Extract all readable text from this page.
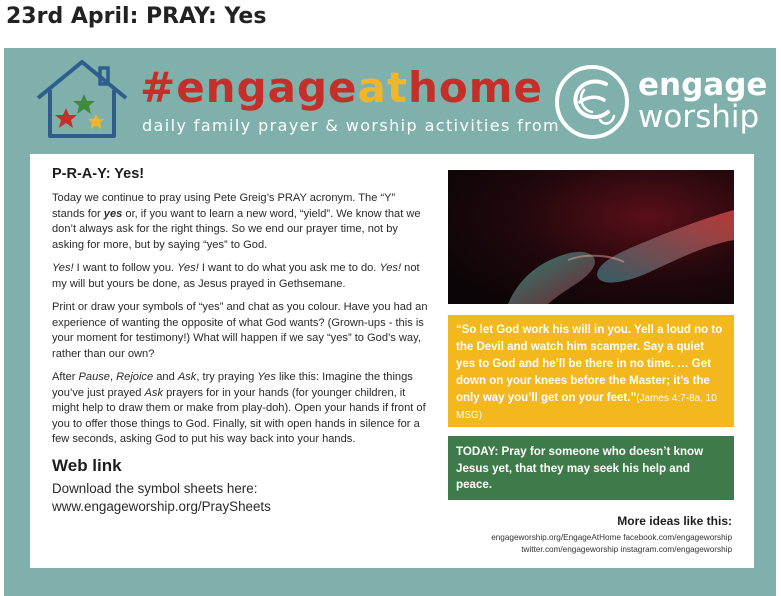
23rd April: PRAY: Yes
#engageathome
daily family prayer & worship activities from
engage
worship
P-R-A-Y: Yes!

Today we continue to pray using Pete Greig’s PRAY acronym. The “Y” stands for yes or, if you want to learn a new word, “yield”. We know that we don’t always ask for the right things. So we end our prayer time, not by asking for more, but by saying “yes” to God.

Yes! I want to follow you. Yes! I want to do what you ask me to do. Yes! not my will but yours be done, as Jesus prayed in Gethsemane.

Print or draw your symbols of “yes” and chat as you colour. Have you had an experience of wanting the opposite of what God wants? (Grown-ups - this is your moment for testimony!) What will happen if we say “yes” to God’s way, rather than our own?

After Pause, Rejoice and Ask, try praying Yes like this: Imagine the things you’ve just prayed Ask prayers for in your hands (for younger children, it might help to draw them or make from play-doh). Open your hands if front of you to offer those things to God. Finally, sit with open hands in silence for a few seconds, asking God to put his way back into your hands.

Web link
Download the symbol sheets here:
www.engageworship.org/PraySheets
“So let God work his will in you. Yell a loud no to the Devil and watch him scamper. Say a quiet yes to God and he’ll be there in no time. … Get down on your knees before the Master; it’s the only way you’ll get on your feet.”(James 4:7-8a, 10 MSG)
TODAY: Pray for someone who doesn’t know Jesus yet, that they may seek his help and peace.
More ideas like this:
engageworship.org/EngageAtHome facebook.com/engageworship
twitter.com/engageworship instagram.com/engageworship
